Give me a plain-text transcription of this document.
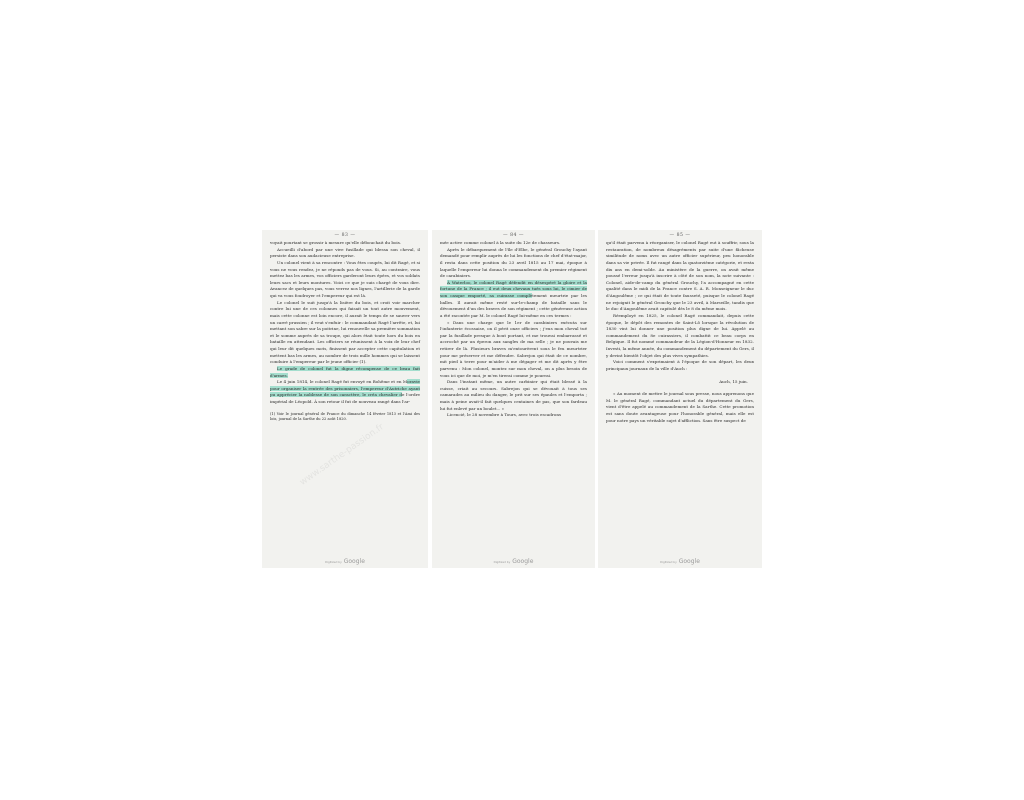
— 83 —

voyait pourtant se grossir à mesure qu'elle débouchait du bois.

Accueilli d'abord par une vive fusillade qui blessa son cheval, il persiste dans son audacieuse entreprise.

Un colonel vient à sa rencontre : Vous êtes coupés, lui dit Ragé, et si vous ne vous rendez, je ne réponds pas de vous. Si, au contraire, vous mettez bas les armes, vos officiers garderont leurs épées, et vos soldats leurs sacs et leurs montures. Voici ce que je suis chargé de vous dire. Avancez de quelques pas, vous verrez nos lignes, l'artillerie de la garde qui va vous foudroyer et l'empereur qui est là.

Le colonel le suit jusqu'à la lisière du bois, et croit voir marcher contre lui une de ces colonnes qui faisait un tout autre mouvement, mais cette colonne est loin encore, il aurait le temps de se sauver vers un carré prussien ; il veut s'enfuir : le commandant Ragé l'arrête, et, lui mettant son sabre sur la poitrine, lui renouvelle sa première sommation et le somme auprès de sa troupe, qui alors était toute hors du bois en bataille en attendant. Les officiers se réunissent à la voix de leur chef qui leur dit quelques mots, finissent par accepter cette capitulation et mettent bas les armes, au nombre de trois mille hommes qui se laissent conduire à l'empereur par le jeune officier (1).

Le grade de colonel fut la digne récompense de ce beau fait d'armes.

Le 4 juin 1814, le colonel Ragé fut envoyé en Bohême et en Moravie pour organiser la rentrée des prisonniers, l'empereur d'Autriche ayant pu apprécier la noblesse de son caractère, le créa chevalier de l'ordre impérial de Léopold. À son retour il fut de nouveau rangé dans l'ar-

(1) Voir le journal général de France du dimanche 14 février 1813 et l'Ami des lois, journal de la Sarthe du 22 août 1820.

www.sarthe-passion.fr
Digitized by Google
— 84 —

mée active comme colonel à la suite du 12e de chasseurs.

Après le débarquement de l'île d'Elbe, le général Grouchy l'ayant demandé pour remplir auprès de lui les fonctions de chef d'état-major, il resta dans cette position du 23 avril 1815 au 17 mai, époque à laquelle l'empereur lui donna le commandement du premier régiment de carabiniers.

À Waterloo, le colonel Ragé défendit en désespéré la gloire et la fortune de la France ; il eut deux chevaux tués sous lui, le cimier de son casque emporté, sa cuirasse complètement meurtrie par les balles. Il aurait même resté sur-le-champ de bataille sans le dévouement d'un des braves de son régiment ; cette généreuse action a été racontée par M. le colonel Ragé lui-même en ces termes :

« Dans une charge que le 1er de carabiniers exécuta sur l'infanterie écossaise, on il périt onze officiers ; j'eus mon cheval tué par la fusillade presque à bout portant, et me trouvai embarrassé et accroché par un éperon aux sangles de ma selle ; je ne pouvais me retirer de là. Plusieurs braves m'entourèrent sous le feu meurtrier pour me préserver et me défendre. Sabrejon qui était de ce nombre, mit pied à terre pour m'aider à me dégager et me dit après y être parvenu : Mon colonel, montez sur mon cheval, on a plus besoin de vous ici que de moi, je m'en tirerai comme je pourrai.

Dans l'instant même, un autre carbinier qui était blessé à la cuisse, criait au secours. Sabrejon qui se dévouait à tous ses camarades au milieu du danger, le prit sur ses épaules et l'emporta ; mais à peine avait-il fait quelques centaines de pas, que son fardeau lui fut enlevé par un boulet... »

Licencié, le 28 novembre à Tours, avec trois escadrons

Digitized by Google
— 85 —

qu'il était parvenu à réorganiser, le colonel Ragé eut à souffrir, sous la restauration, de nombreux désagréments par suite d'une fâcheuse similitude de noms avec un autre officier supérieur, peu honorable dans sa vie privée. Il fut rangé dans la quatorzième catégorie, et resta dix ans en demi-solde. Au ministère de la guerre, on avait même poussé l'erreur jusqu'à inscrire à côté de son nom, la note suivante : Colonel, aide-de-camp du général Grouchy, l'a accompagné en cette qualité dans le midi de la France contre S. A. R. Monseigneur le duc d'Angoulême ; ce qui était de toute fausseté, puisque le colonel Ragé ne rejoignit le général Grouchy que le 23 avril, à Marseille, tandis que le duc d'Angoulême avait capitulé dès le 8 du même mois.

Réemployé en 1825, le colonel Ragé commandait, depuis cette époque, le dépôt des remontes de Saint-Lô lorsque la révolution de 1830 vint lui donner une position plus digne de lui. Appelé au commandement du 8e cuirassiers, il combattit ce beau corps en Belgique. Il fut nommé commandeur de la Légion-d'Honneur en 1832. Investi, la même année, du commandement du département du Gers, il y devint bientôt l'objet des plus vives sympathies.

Voici comment s'exprimaient à l'époque de son départ, les deux principaux journaux de la ville d'Auch :

Auch, 15 juin.

« Au moment de mettre le journal sous presse, nous apprenons que M. le général Ragé, commandant actuel du département du Gers, vient d'être appelé au commandement de la Sarthe. Cette promotion est sans doute avantageuse pour l'honorable général, mais elle est pour notre pays un véritable sujet d'affliction. Sans être suspect de

Digitized by Google
